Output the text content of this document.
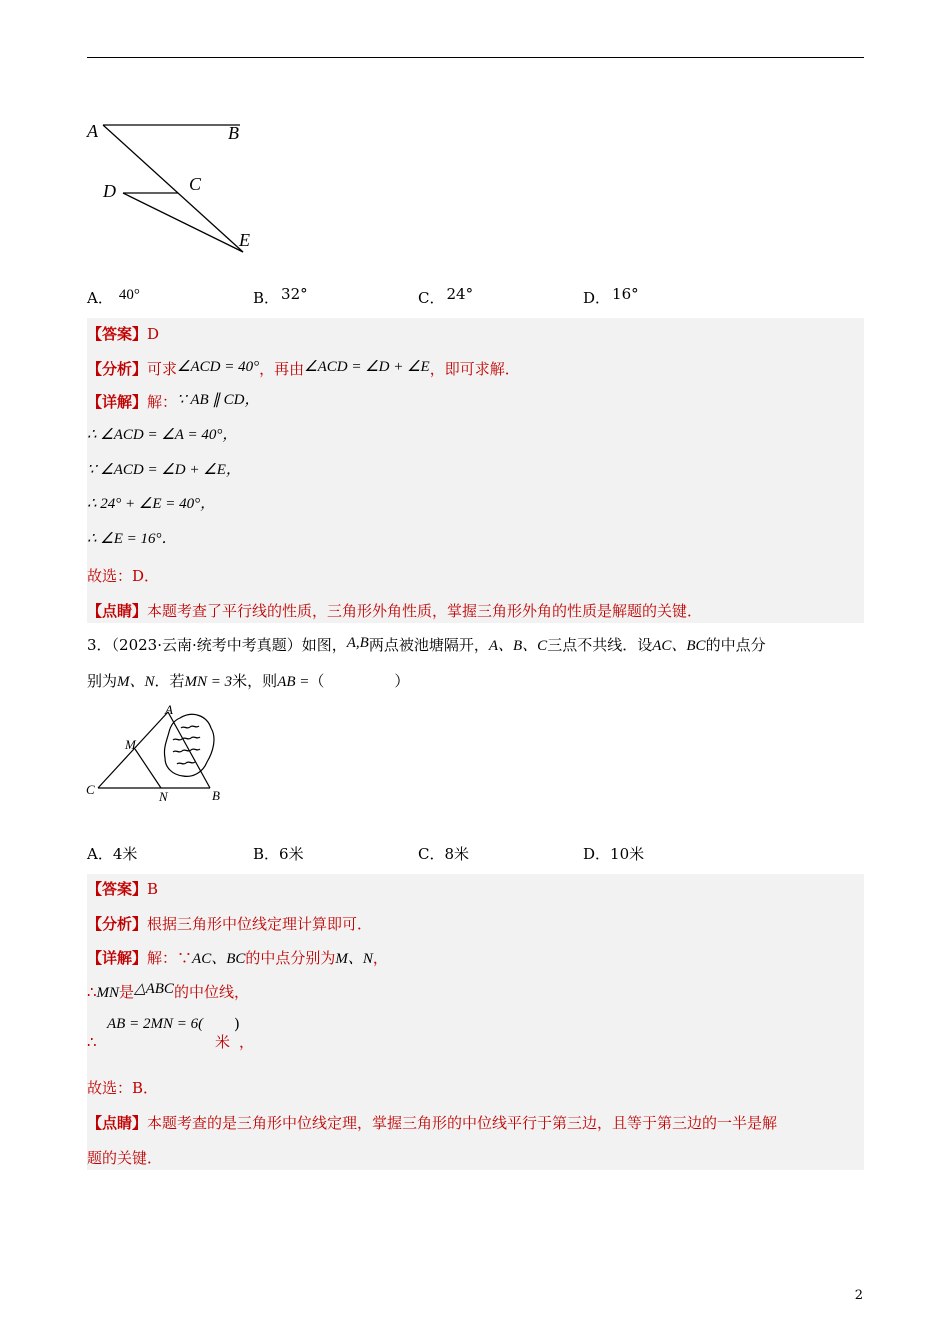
A	B
C
D
E
A． 40°	B． 32°	C． 24°	D． 16°
【答案】D
【分析】可求∠ACD = 40°，再由∠ACD = ∠D + ∠E，即可求解．
【详解】解：∵ AB ∥ CD，
∴ ∠ACD = ∠A = 40°，
∵ ∠ACD = ∠D + ∠E，
∴ 24° + ∠E = 40°，
∴ ∠E = 16°．
故选：D．
【点睛】本题考查了平行线的性质，三角形外角性质，掌握三角形外角的性质是解题的关键．
3．（2023·云南·统考中考真题）如图，A,B两点被池塘隔开，A、B、C三点不共线．设AC、BC的中点分
别为M、N．若MN = 3米，则AB =（	）
A
M
C	N	B
A．4米	B．6米	C．8米	D．10米
【答案】B
【分析】根据三角形中位线定理计算即可．
【详解】解：∵AC、BC的中点分别为M、N，
∴MN是△ABC的中位线，
∴
AB = 2MN = 6( )
米 ，
故选：B．
【点睛】本题考查的是三角形中位线定理，掌握三角形的中位线平行于第三边，且等于第三边的一半是解
题的关键．
2
